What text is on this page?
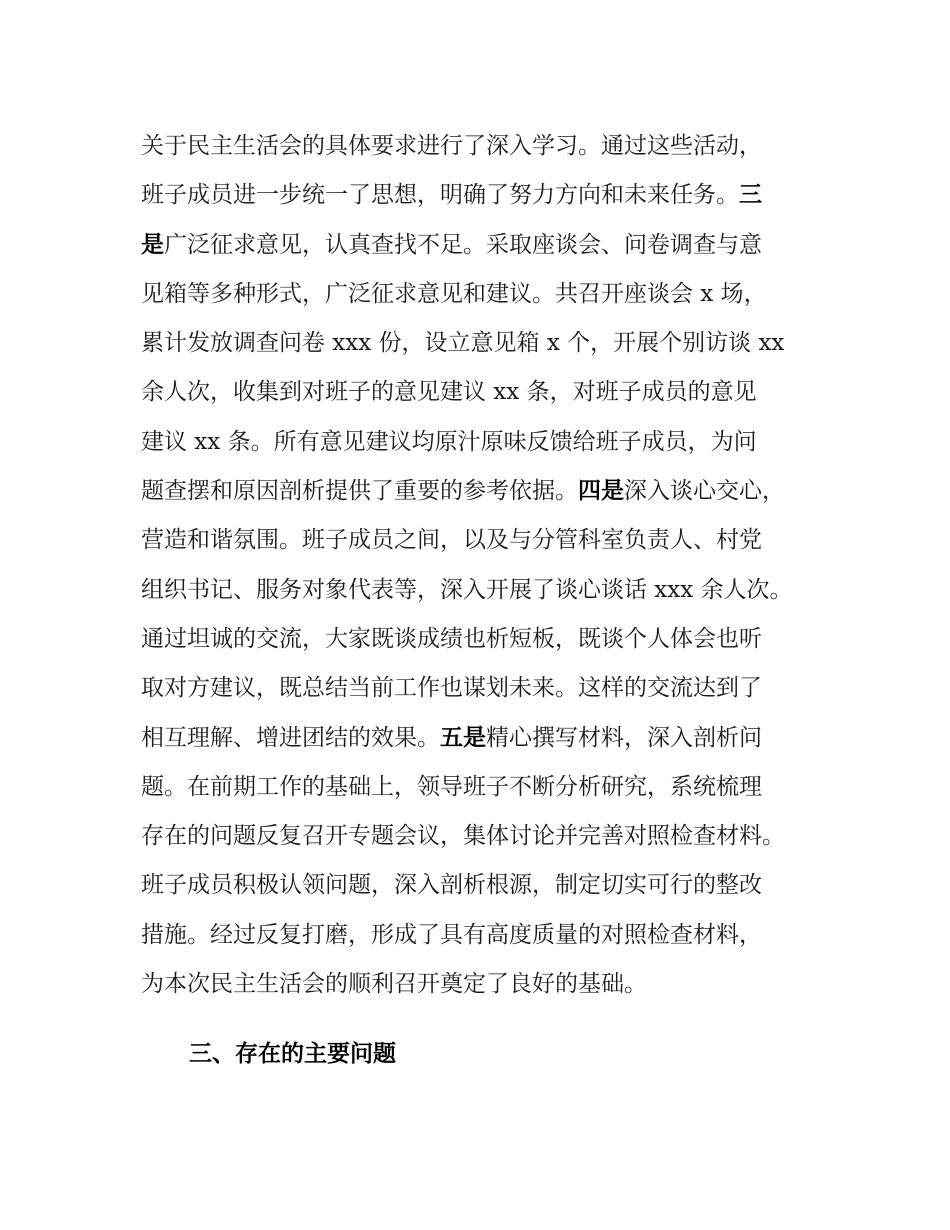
关于民主生活会的具体要求进行了深入学习。通过这些活动，
班子成员进一步统一了思想，明确了努力方向和未来任务。三
是广泛征求意见，认真查找不足。采取座谈会、问卷调查与意
见箱等多种形式，广泛征求意见和建议。共召开座谈会 x 场，
累计发放调查问卷 xxx 份，设立意见箱 x 个，开展个别访谈 xx
余人次，收集到对班子的意见建议 xx 条，对班子成员的意见
建议 xx 条。所有意见建议均原汁原味反馈给班子成员，为问
题查摆和原因剖析提供了重要的参考依据。四是深入谈心交心，
营造和谐氛围。班子成员之间，以及与分管科室负责人、村党
组织书记、服务对象代表等，深入开展了谈心谈话 xxx 余人次。
通过坦诚的交流，大家既谈成绩也析短板，既谈个人体会也听
取对方建议，既总结当前工作也谋划未来。这样的交流达到了
相互理解、增进团结的效果。五是精心撰写材料，深入剖析问
题。在前期工作的基础上，领导班子不断分析研究，系统梳理
存在的问题反复召开专题会议，集体讨论并完善对照检查材料。
班子成员积极认领问题，深入剖析根源，制定切实可行的整改
措施。经过反复打磨，形成了具有高度质量的对照检查材料，
为本次民主生活会的顺利召开奠定了良好的基础。
三、存在的主要问题
